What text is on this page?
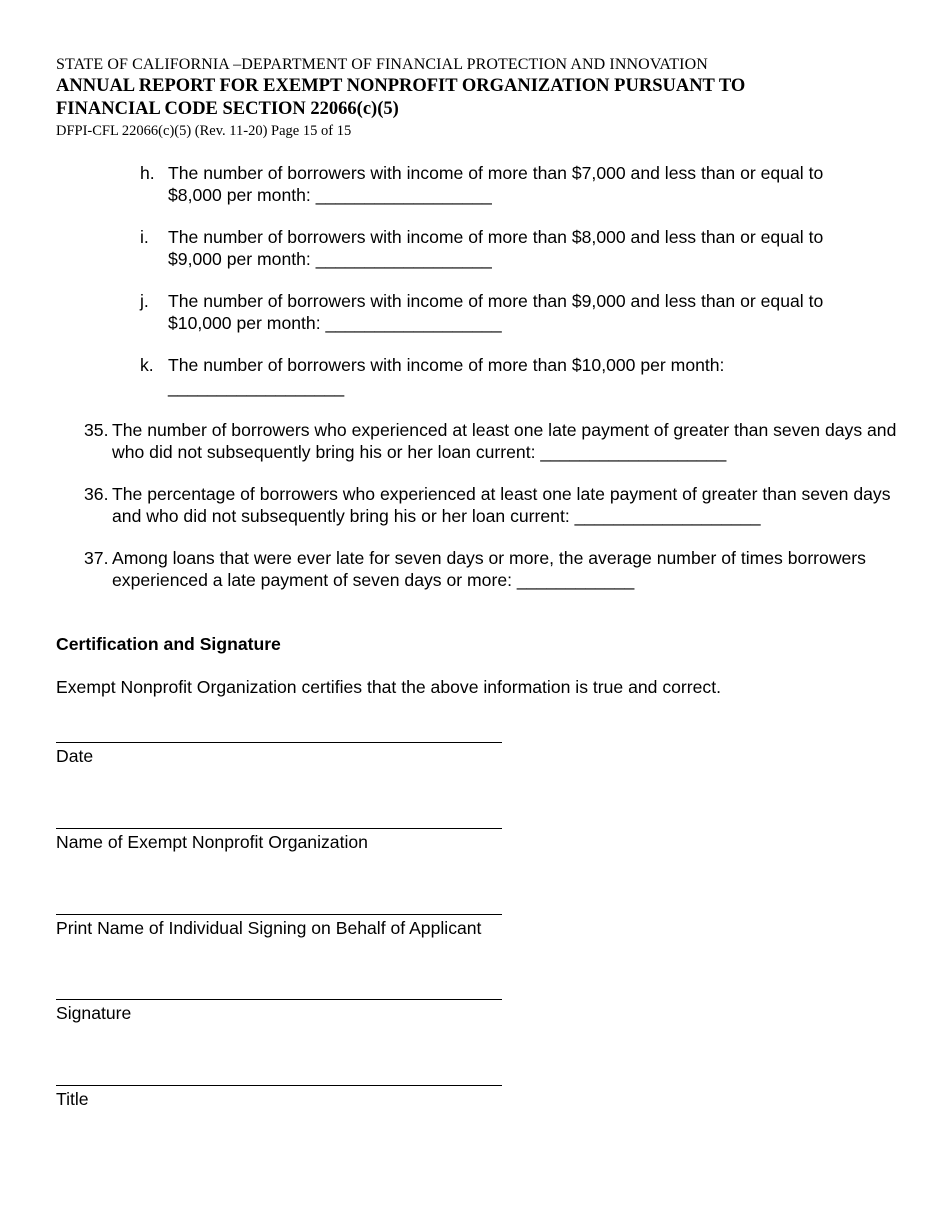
STATE OF CALIFORNIA –DEPARTMENT OF FINANCIAL PROTECTION AND INNOVATION
ANNUAL REPORT FOR EXEMPT NONPROFIT ORGANIZATION PURSUANT TO
FINANCIAL CODE SECTION 22066(c)(5)
DFPI-CFL 22066(c)(5) (Rev. 11-20) Page 15 of 15
h. The number of borrowers with income of more than $7,000 and less than or equal to $8,000 per month: __________________
i. The number of borrowers with income of more than $8,000 and less than or equal to $9,000 per month: __________________
j. The number of borrowers with income of more than $9,000 and less than or equal to $10,000 per month: __________________
k. The number of borrowers with income of more than $10,000 per month: __________________
35. The number of borrowers who experienced at least one late payment of greater than seven days and who did not subsequently bring his or her loan current: ___________________
36. The percentage of borrowers who experienced at least one late payment of greater than seven days and who did not subsequently bring his or her loan current: ___________________
37. Among loans that were ever late for seven days or more, the average number of times borrowers experienced a late payment of seven days or more: ____________
Certification and Signature
Exempt Nonprofit Organization certifies that the above information is true and correct.
Date
Name of Exempt Nonprofit Organization
Print Name of Individual Signing on Behalf of Applicant
Signature
Title
